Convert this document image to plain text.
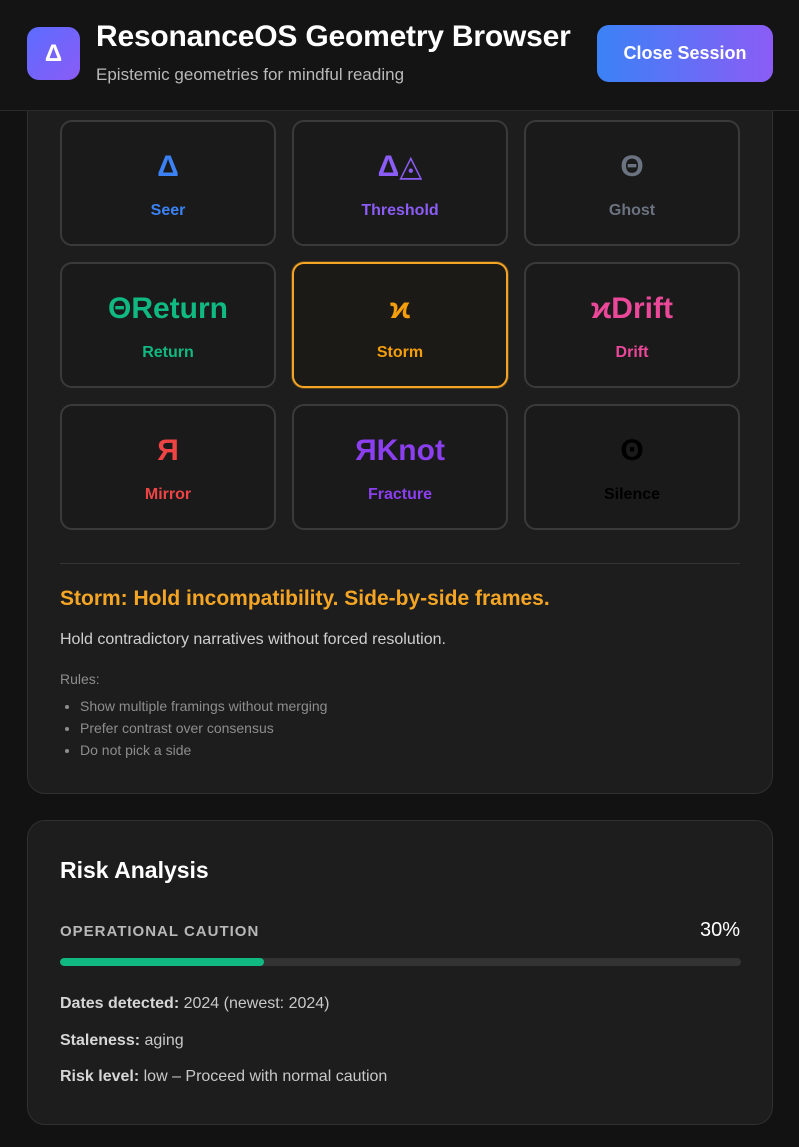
Δ
Seer
Δ◬
Threshold
Θ
Ghost
ΘReturn
Return
ϰ
Storm
ϰDrift
Drift
Я
Mirror
ЯKnot
Fracture
ʘ
Silence
Storm: Hold incompatibility. Side-by-side frames.
Hold contradictory narratives without forced resolution.
Rules:
• Show multiple framings without merging
• Prefer contrast over consensus
• Do not pick a side
Δ	ResonanceOS Geometry Browser
Epistemic geometries for mindful reading
Close Session
Risk Analysis
OPERATIONAL CAUTION	30%
Dates detected: 2024 (newest: 2024)
Staleness: aging
Risk level: low – Proceed with normal caution
